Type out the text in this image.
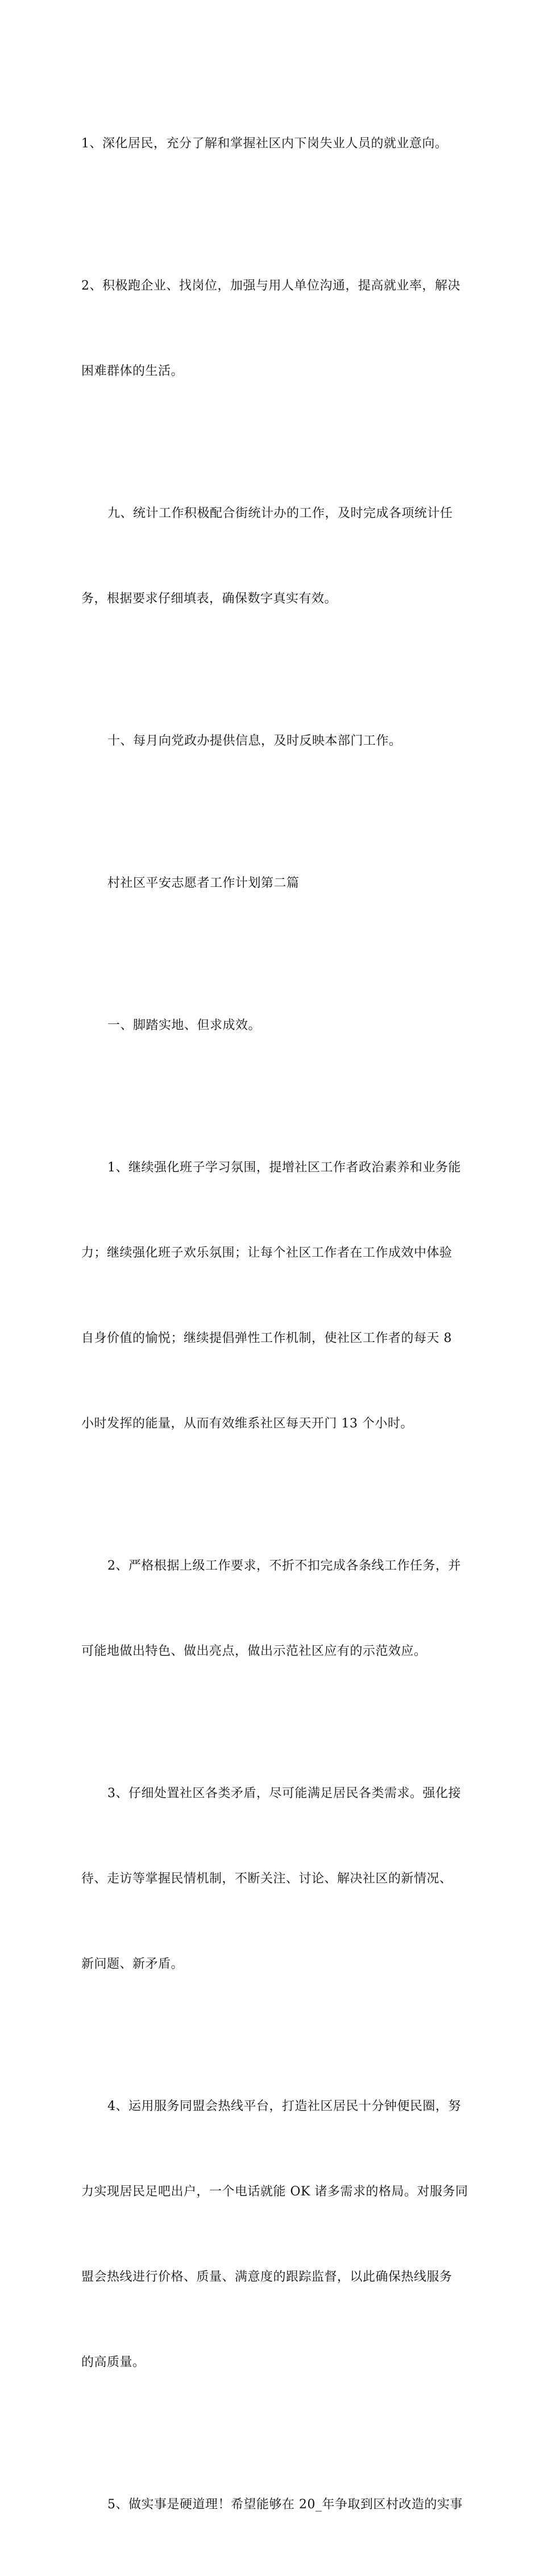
1、深化居民，充分了解和掌握社区内下岗失业人员的就业意向。

2、积极跑企业、找岗位，加强与用人单位沟通，提高就业率，解决

困难群体的生活。

九、统计工作积极配合街统计办的工作，及时完成各项统计任

务，根据要求仔细填表，确保数字真实有效。

十、每月向党政办提供信息，及时反映本部门工作。

村社区平安志愿者工作计划第二篇

一、脚踏实地、但求成效。

1、继续强化班子学习氛围，提增社区工作者政治素养和业务能

力；继续强化班子欢乐氛围；让每个社区工作者在工作成效中体验

自身价值的愉悦；继续提倡弹性工作机制，使社区工作者的每天 8

小时发挥的能量，从而有效维系社区每天开门 13 个小时。

2、严格根据上级工作要求，不折不扣完成各条线工作任务，并

可能地做出特色、做出亮点，做出示范社区应有的示范效应。

3、仔细处置社区各类矛盾，尽可能满足居民各类需求。强化接

待、走访等掌握民情机制，不断关注、讨论、解决社区的新情况、

新问题、新矛盾。

4、运用服务同盟会热线平台，打造社区居民十分钟便民圈，努

力实现居民足吧出户，一个电话就能 OK 诸多需求的格局。对服务同

盟会热线进行价格、质量、满意度的跟踪监督，以此确保热线服务

的高质量。

5、做实事是硬道理！希望能够在 20_年争取到区村改造的实事
